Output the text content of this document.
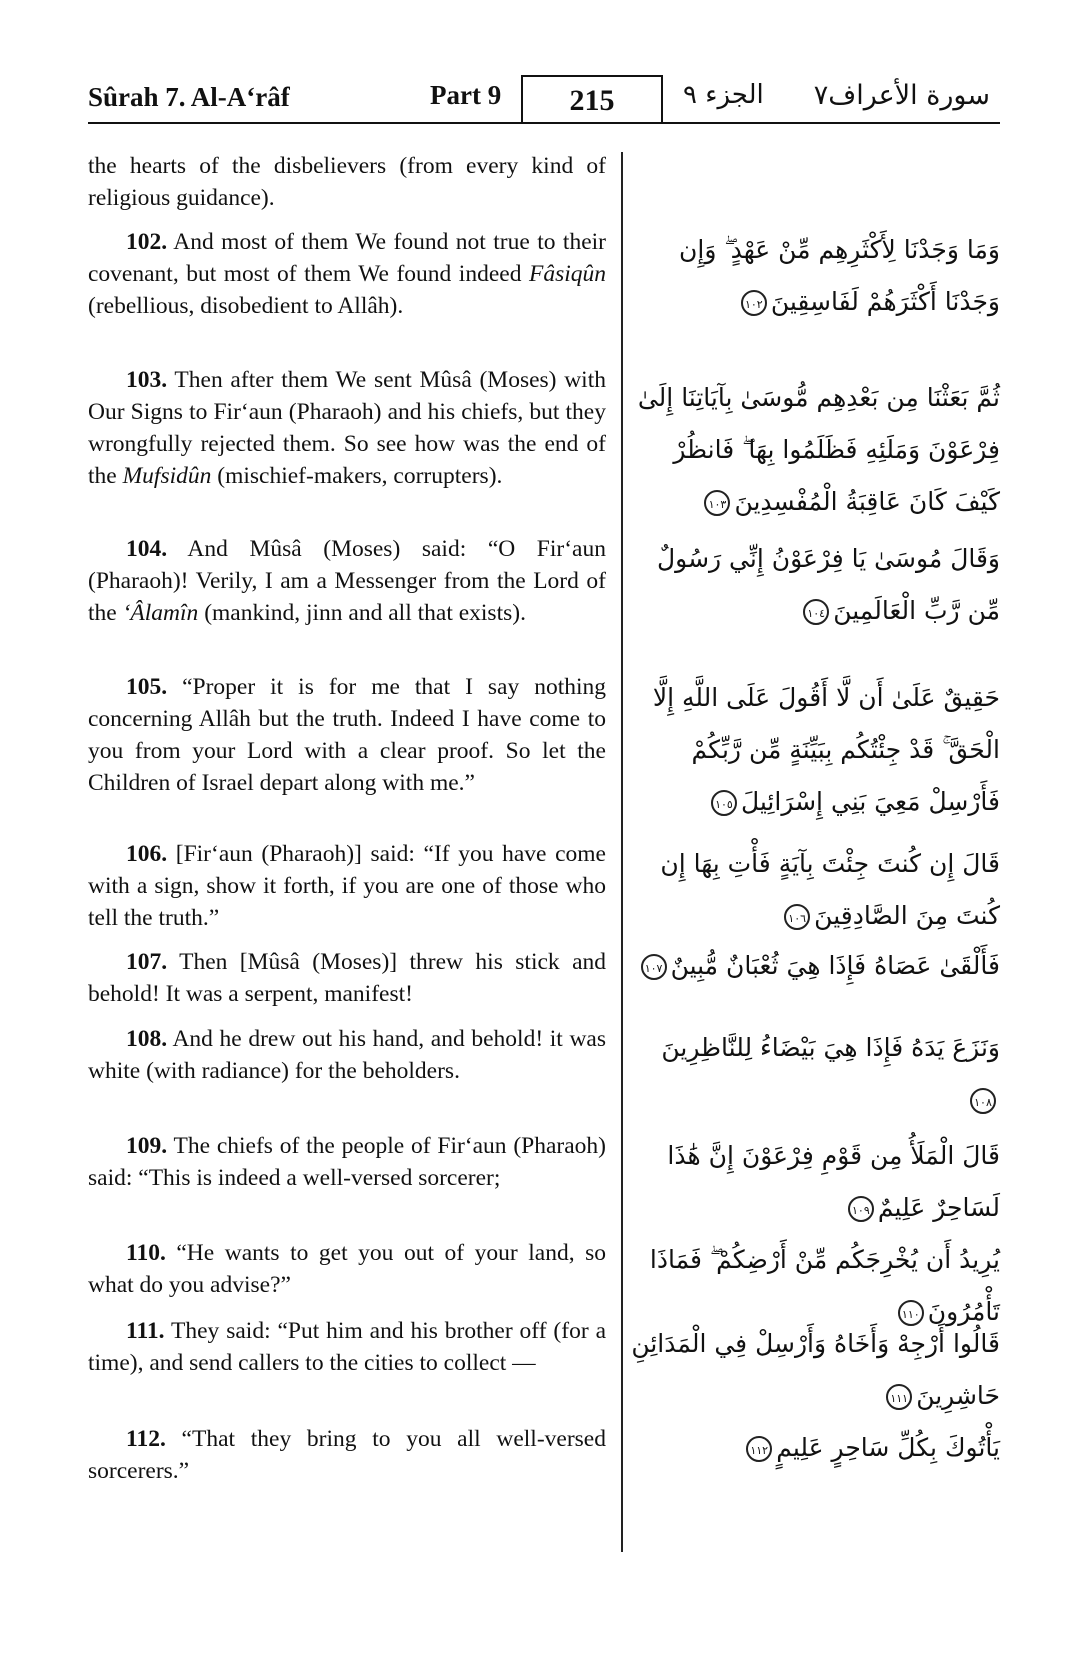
Sûrah 7. Al-A‘râf	Part 9	215	الجزء ٩ سورة الأعراف٧
the hearts of the disbelievers (from every kind of religious guidance).
102. And most of them We found not true to their covenant, but most of them We found indeed Fâsiqûn (rebellious, disobedient to Allâh).
103. Then after them We sent Mûsâ (Moses) with Our Signs to Fir‘aun (Pharaoh) and his chiefs, but they wrongfully rejected them. So see how was the end of the Mufsidûn (mischief-makers, corrupters).
104. And Mûsâ (Moses) said: “O Fir‘aun (Pharaoh)! Verily, I am a Messenger from the Lord of the ‘Âlamîn (mankind, jinn and all that exists).
105. “Proper it is for me that I say nothing concerning Allâh but the truth. Indeed I have come to you from your Lord with a clear proof. So let the Children of Israel depart along with me.”
106. [Fir‘aun (Pharaoh)] said: “If you have come with a sign, show it forth, if you are one of those who tell the truth.”
107. Then [Mûsâ (Moses)] threw his stick and behold! It was a serpent, manifest!
108. And he drew out his hand, and behold! it was white (with radiance) for the beholders.
109. The chiefs of the people of Fir‘aun (Pharaoh) said: “This is indeed a well-versed sorcerer;
110. “He wants to get you out of your land, so what do you advise?”
111. They said: “Put him and his brother off (for a time), and send callers to the cities to collect —
112. “That they bring to you all well-versed sorcerers.”
وَمَا وَجَدْنَا لِأَكْثَرِهِم مِّنْ عَهْدٍ ۖ وَإِن وَجَدْنَا أَكْثَرَهُمْ لَفَاسِقِينَ١٠٢
ثُمَّ بَعَثْنَا مِن بَعْدِهِم مُّوسَىٰ بِآيَاتِنَا إِلَىٰ فِرْعَوْنَ وَمَلَئِهِ فَظَلَمُوا بِهَا ۖ فَانظُرْ كَيْفَ كَانَ عَاقِبَةُ الْمُفْسِدِينَ١٠٣
وَقَالَ مُوسَىٰ يَا فِرْعَوْنُ إِنِّي رَسُولٌ مِّن رَّبِّ الْعَالَمِينَ١٠٤
حَقِيقٌ عَلَىٰ أَن لَّا أَقُولَ عَلَى اللَّهِ إِلَّا الْحَقَّ ۚ قَدْ جِئْتُكُم بِبَيِّنَةٍ مِّن رَّبِّكُمْ فَأَرْسِلْ مَعِيَ بَنِي إِسْرَائِيلَ١٠٥
قَالَ إِن كُنتَ جِئْتَ بِآيَةٍ فَأْتِ بِهَا إِن كُنتَ مِنَ الصَّادِقِينَ١٠٦
فَأَلْقَىٰ عَصَاهُ فَإِذَا هِيَ ثُعْبَانٌ مُّبِينٌ١٠٧
وَنَزَعَ يَدَهُ فَإِذَا هِيَ بَيْضَاءُ لِلنَّاظِرِينَ١٠٨
قَالَ الْمَلَأُ مِن قَوْمِ فِرْعَوْنَ إِنَّ هَٰذَا لَسَاحِرٌ عَلِيمٌ١٠٩
يُرِيدُ أَن يُخْرِجَكُم مِّنْ أَرْضِكُمْ ۖ فَمَاذَا تَأْمُرُونَ١١٠
قَالُوا أَرْجِهْ وَأَخَاهُ وَأَرْسِلْ فِي الْمَدَائِنِ حَاشِرِينَ١١١
يَأْتُوكَ بِكُلِّ سَاحِرٍ عَلِيمٍ١١٢
